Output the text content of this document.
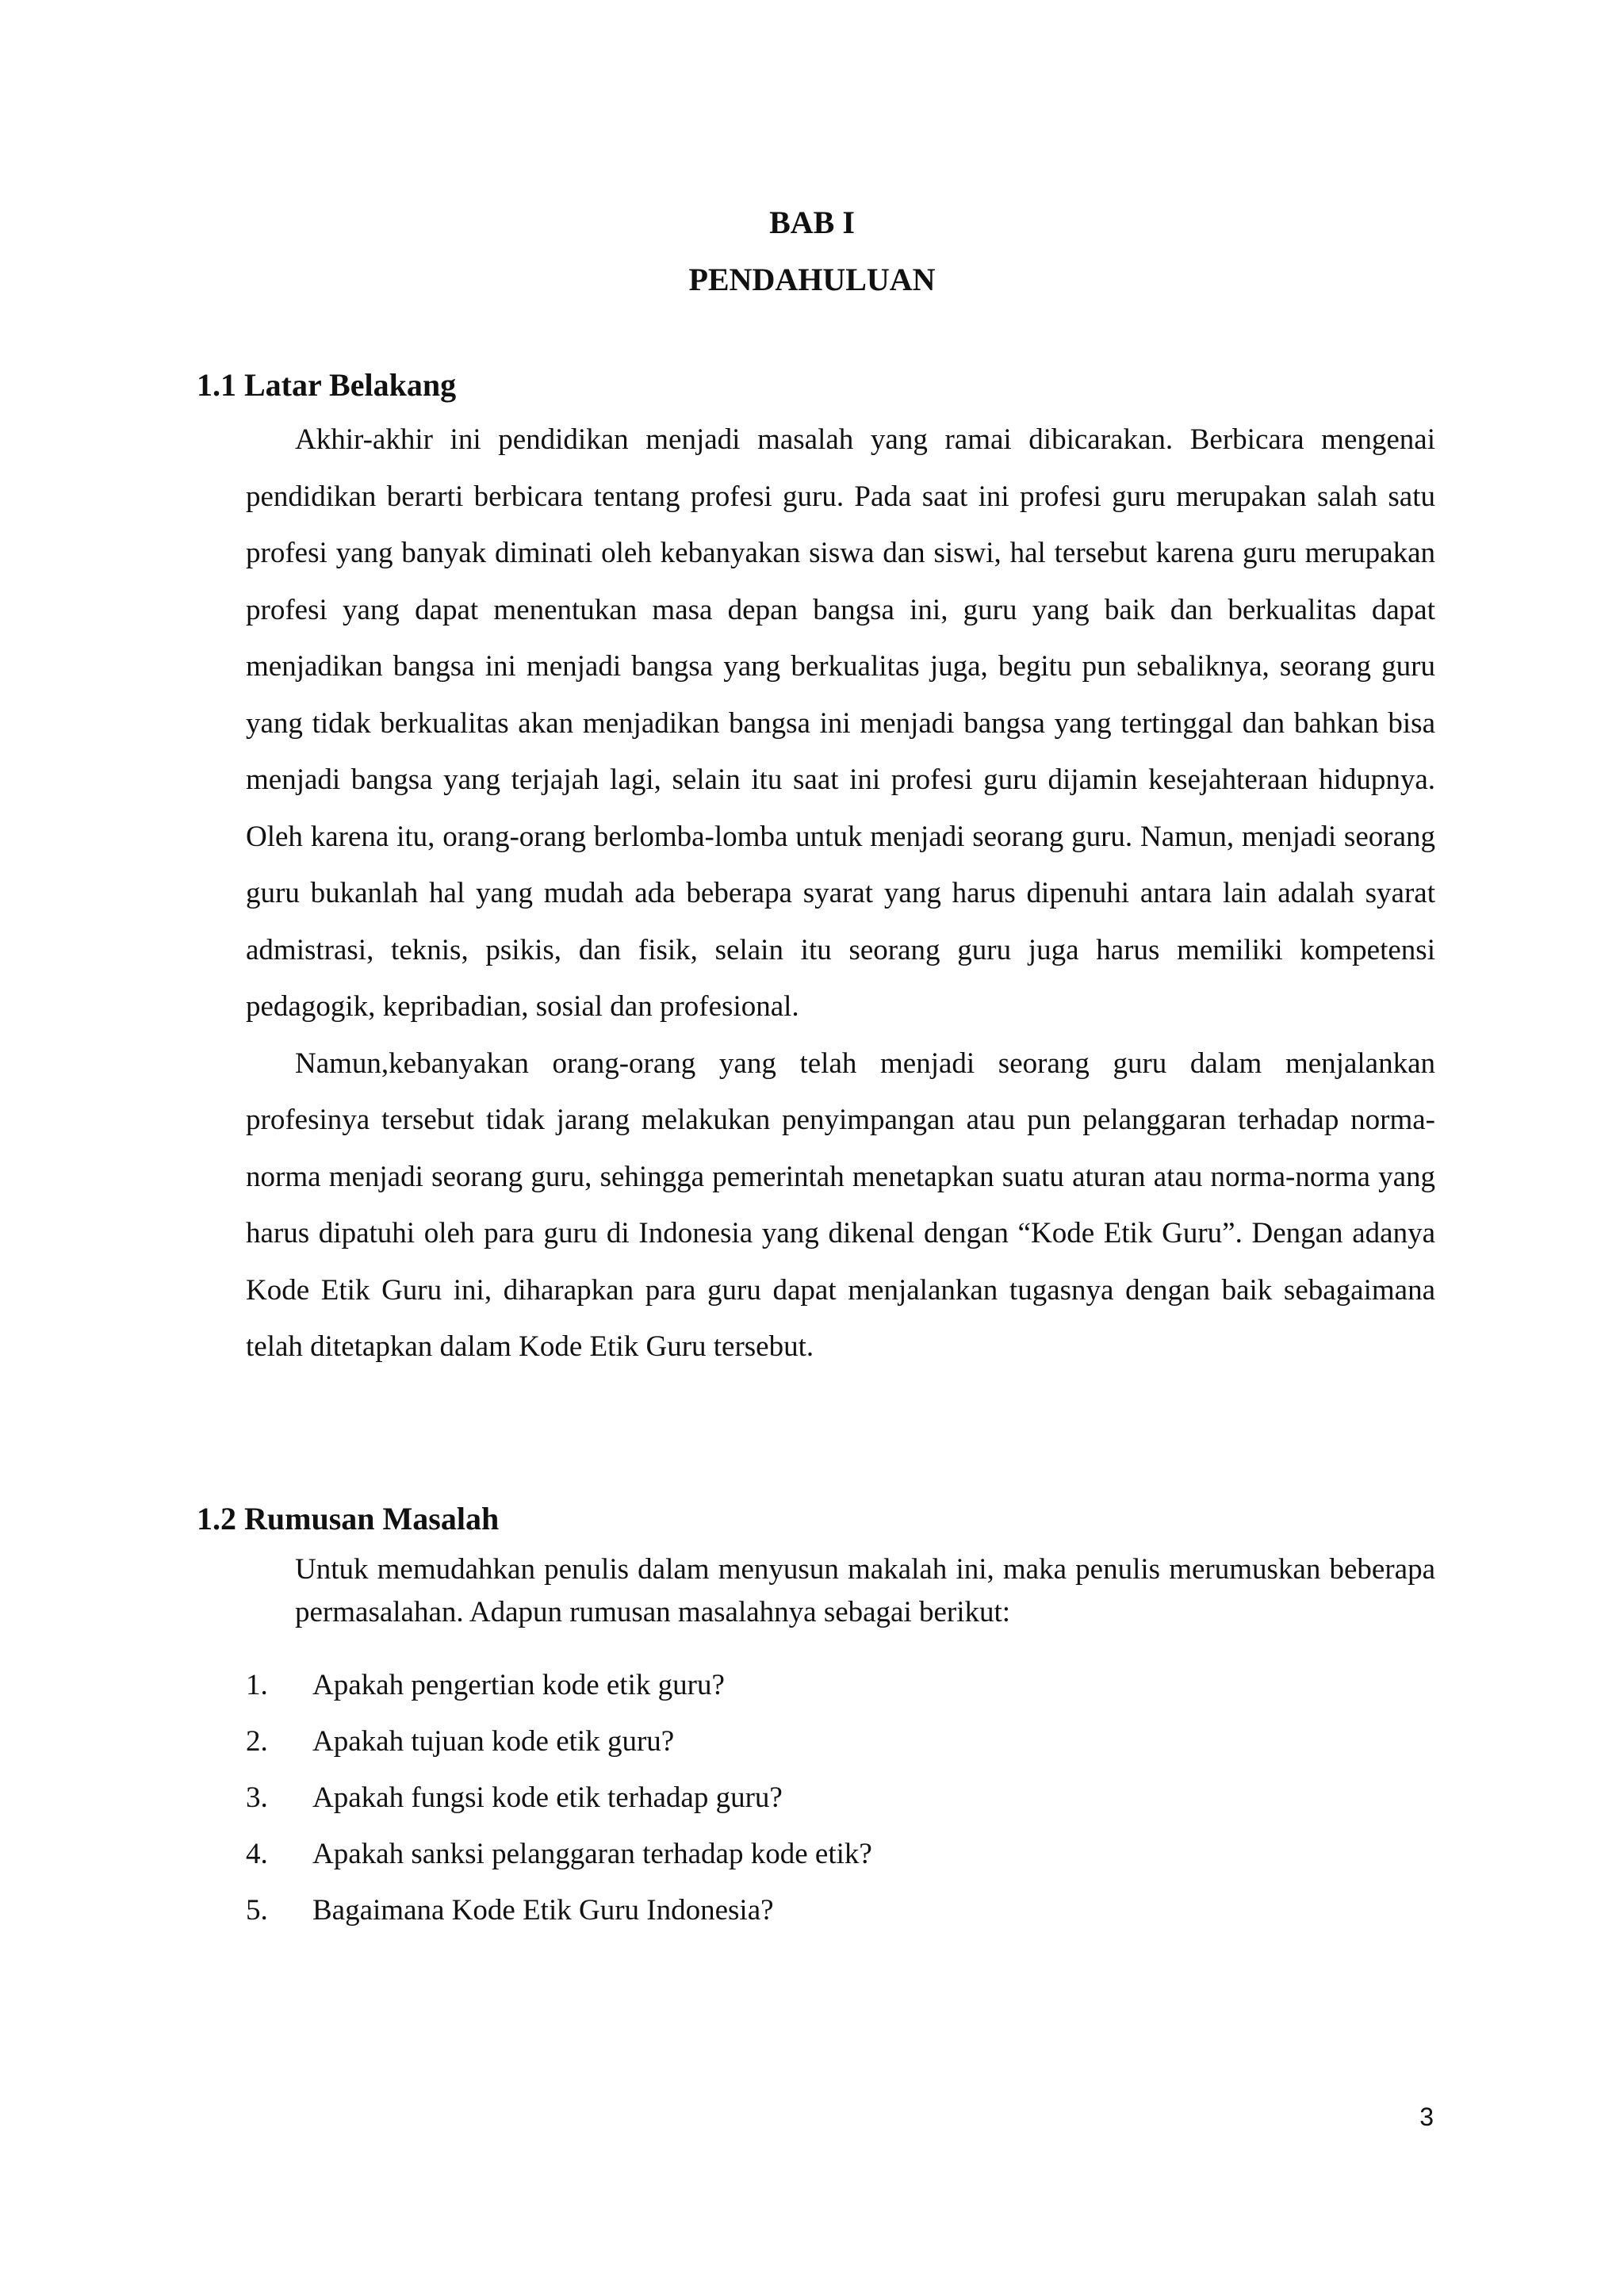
BAB I
PENDAHULUAN
1.1 Latar Belakang

Akhir-akhir ini pendidikan menjadi masalah yang ramai dibicarakan. Berbicara mengenai pendidikan berarti berbicara tentang profesi guru. Pada saat ini profesi guru merupakan salah satu profesi yang banyak diminati oleh kebanyakan siswa dan siswi, hal tersebut karena guru merupakan profesi yang dapat menentukan masa depan bangsa ini, guru yang baik dan berkualitas dapat menjadikan bangsa ini menjadi bangsa yang berkualitas juga, begitu pun sebaliknya, seorang guru yang tidak berkualitas akan menjadikan bangsa ini menjadi bangsa yang tertinggal dan bahkan bisa menjadi bangsa yang terjajah lagi, selain itu saat ini profesi guru dijamin kesejahteraan hidupnya. Oleh karena itu, orang-orang berlomba-lomba untuk menjadi seorang guru. Namun, menjadi seorang guru bukanlah hal yang mudah ada beberapa syarat yang harus dipenuhi antara lain adalah syarat admistrasi, teknis, psikis, dan fisik, selain itu seorang guru juga harus memiliki kompetensi pedagogik, kepribadian, sosial dan profesional.

Namun,kebanyakan orang-orang yang telah menjadi seorang guru dalam menjalankan profesinya tersebut tidak jarang melakukan penyimpangan atau pun pelanggaran terhadap norma-norma menjadi seorang guru, sehingga pemerintah menetapkan suatu aturan atau norma-norma yang harus dipatuhi oleh para guru di Indonesia yang dikenal dengan “Kode Etik Guru”. Dengan adanya Kode Etik Guru ini, diharapkan para guru dapat menjalankan tugasnya dengan baik sebagaimana telah ditetapkan dalam Kode Etik Guru tersebut.

1.2 Rumusan Masalah

Untuk memudahkan penulis dalam menyusun makalah ini, maka penulis merumuskan beberapa permasalahan. Adapun rumusan masalahnya sebagai berikut:

1.	Apakah pengertian kode etik guru?
2.	Apakah tujuan kode etik guru?
3.	Apakah fungsi kode etik terhadap guru?
4.	Apakah sanksi pelanggaran terhadap kode etik?
5.	Bagaimana Kode Etik Guru Indonesia?
3
